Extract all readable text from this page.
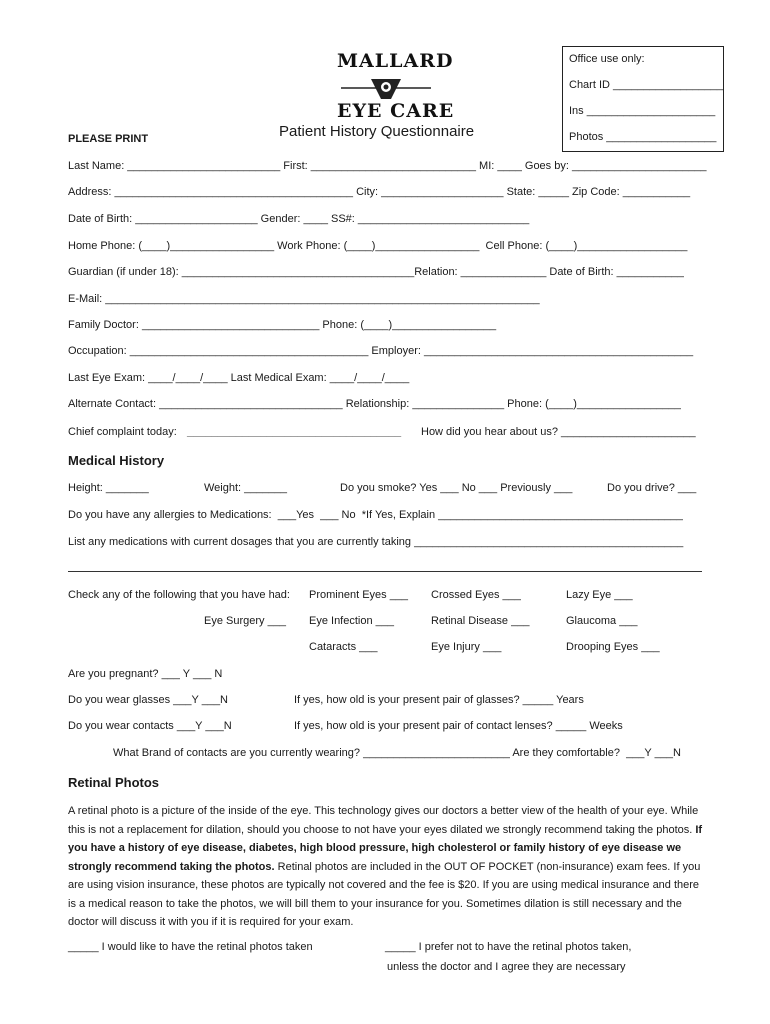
MALLARD
EYE CARE
Office use only:
Chart ID __________________
Ins _____________________
Photos __________________
PLEASE PRINT	Patient History Questionnaire
Last Name: _________________________ First: ___________________________ MI: ____ Goes by: ______________________
Address: _______________________________________ City: ____________________ State: _____ Zip Code: ___________
Date of Birth: ____________________ Gender: ____ SS#: ____________________________
Home Phone: (____)_________________ Work Phone: (____)_________________  Cell Phone: (____)__________________
Guardian (if under 18): ______________________________________Relation: ______________ Date of Birth: ___________
E-Mail: _______________________________________________________________________
Family Doctor: _____________________________ Phone: (____)_________________
Occupation: _______________________________________ Employer: ____________________________________________
Last Eye Exam: ____/____/____ Last Medical Exam: ____/____/____
Alternate Contact: ______________________________ Relationship: _______________ Phone: (____)_________________
Chief complaint today: ___________________________________ How did you hear about us? ______________________
Medical History
Height: _______	Weight: _______	Do you smoke? Yes ___ No ___ Previously ___	Do you drive? ___
Do you have any allergies to Medications:  ___Yes  ___ No  *If Yes, Explain ________________________________________
List any medications with current dosages that you are currently taking ____________________________________________
Check any of the following that you have had: Prominent Eyes ___ Crossed Eyes ___	Lazy Eye ___
Eye Surgery ___ Eye Infection ___	Retinal Disease ___	Glaucoma ___
Cataracts ___	Eye Injury ___	Drooping Eyes ___
Are you pregnant? ___ Y ___ N
Do you wear glasses ___Y ___N	If yes, how old is your present pair of glasses? _____ Years
Do you wear contacts ___Y ___N	If yes, how old is your present pair of contact lenses? _____ Weeks
What Brand of contacts are you currently wearing? ________________________ Are they comfortable?  ___Y ___N
Retinal Photos
A retinal photo is a picture of the inside of the eye. This technology gives our doctors a better view of the health of your eye. While this is not a replacement for dilation, should you choose to not have your eyes dilated we strongly recommend taking the photos. If you have a history of eye disease, diabetes, high blood pressure, high cholesterol or family history of eye disease we strongly recommend taking the photos. Retinal photos are included in the OUT OF POCKET (non-insurance) exam fees. If you are using vision insurance, these photos are typically not covered and the fee is $20. If you are using medical insurance and there is a medical reason to take the photos, we will bill them to your insurance for you. Sometimes dilation is still necessary and the doctor will discuss it with you if it is required for your exam.
_____ I would like to have the retinal photos taken	_____ I prefer not to have the retinal photos taken,
unless the doctor and I agree they are necessary
